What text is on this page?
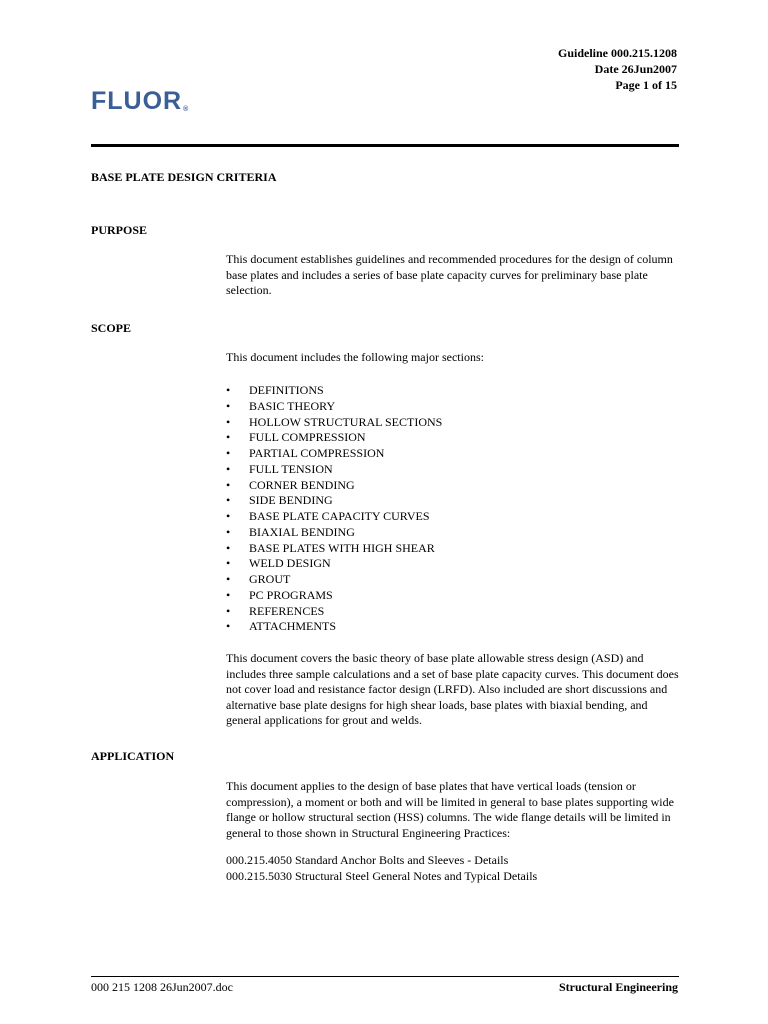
Guideline 000.215.1208
Date 26Jun2007
Page 1 of 15
FLUOR®
BASE PLATE DESIGN CRITERIA
PURPOSE

This document establishes guidelines and recommended procedures for the design of column base plates and includes a series of base plate capacity curves for preliminary base plate selection.

SCOPE

This document includes the following major sections:

• DEFINITIONS
• BASIC THEORY
• HOLLOW STRUCTURAL SECTIONS
• FULL COMPRESSION
• PARTIAL COMPRESSION
• FULL TENSION
• CORNER BENDING
• SIDE BENDING
• BASE PLATE CAPACITY CURVES
• BIAXIAL BENDING
• BASE PLATES WITH HIGH SHEAR
• WELD DESIGN
• GROUT
• PC PROGRAMS
• REFERENCES
• ATTACHMENTS

This document covers the basic theory of base plate allowable stress design (ASD) and includes three sample calculations and a set of base plate capacity curves. This document does not cover load and resistance factor design (LRFD). Also included are short discussions and alternative base plate designs for high shear loads, base plates with biaxial bending, and general applications for grout and welds.

APPLICATION

This document applies to the design of base plates that have vertical loads (tension or compression), a moment or both and will be limited in general to base plates supporting wide flange or hollow structural section (HSS) columns. The wide flange details will be limited in general to those shown in Structural Engineering Practices:

000.215.4050 Standard Anchor Bolts and Sleeves - Details

000.215.5030 Structural Steel General Notes and Typical Details

000 215 1208 26Jun2007.doc	Structural Engineering
